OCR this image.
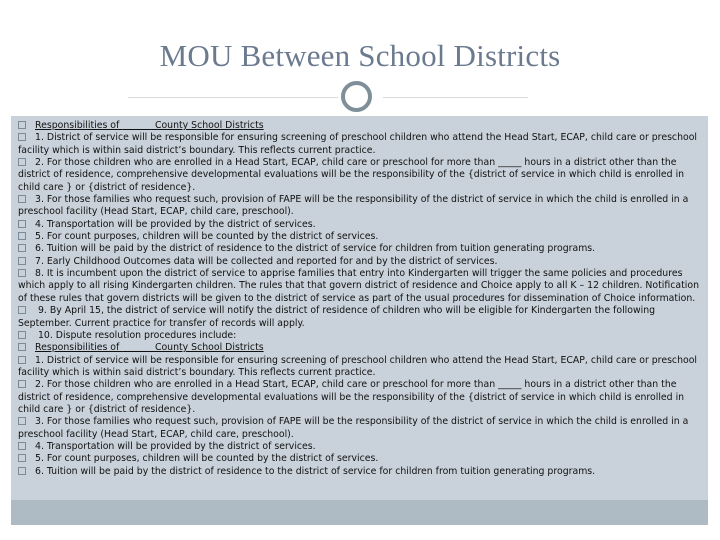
MOU Between School Districts

Responsibilities of	County School Districts

1. District of service will be responsible for ensuring screening of preschool children who attend the Head Start, ECAP, child care or preschool facility which is within said district’s boundary. This reflects current practice.

2. For those children who are enrolled in a Head Start, ECAP, child care or preschool for more than _____ hours in a district other than the district of residence, comprehensive developmental evaluations will be the responsibility of the {district of service in which child is enrolled in child care } or {district of residence}.

3. For those families who request such, provision of FAPE will be the responsibility of the district of service in which the child is enrolled in a preschool facility (Head Start, ECAP, child care, preschool).

4. Transportation will be provided by the district of services.

5. For count purposes, children will be counted by the district of services.

6. Tuition will be paid by the district of residence to the district of service for children from tuition generating programs.

7. Early Childhood Outcomes data will be collected and reported for and by the district of services.

8. It is incumbent upon the district of service to apprise families that entry into Kindergarten will trigger the same policies and procedures which apply to all rising Kindergarten children. The rules that that govern district of residence and Choice apply to all K – 12 children. Notification of these rules that govern districts will be given to the district of service as part of the usual procedures for dissemination of Choice information.

9. By April 15, the district of service will notify the district of residence of children who will be eligible for Kindergarten the following September. Current practice for transfer of records will apply.

10. Dispute resolution procedures include:

Responsibilities of	County School Districts

1. District of service will be responsible for ensuring screening of preschool children who attend the Head Start, ECAP, child care or preschool facility which is within said district’s boundary. This reflects current practice.

2. For those children who are enrolled in a Head Start, ECAP, child care or preschool for more than _____ hours in a district other than the district of residence, comprehensive developmental evaluations will be the responsibility of the {district of service in which child is enrolled in child care } or {district of residence}.

3. For those families who request such, provision of FAPE will be the responsibility of the district of service in which the child is enrolled in a preschool facility (Head Start, ECAP, child care, preschool).

4. Transportation will be provided by the district of services.

5. For count purposes, children will be counted by the district of services.

6. Tuition will be paid by the district of residence to the district of service for children from tuition generating programs.
